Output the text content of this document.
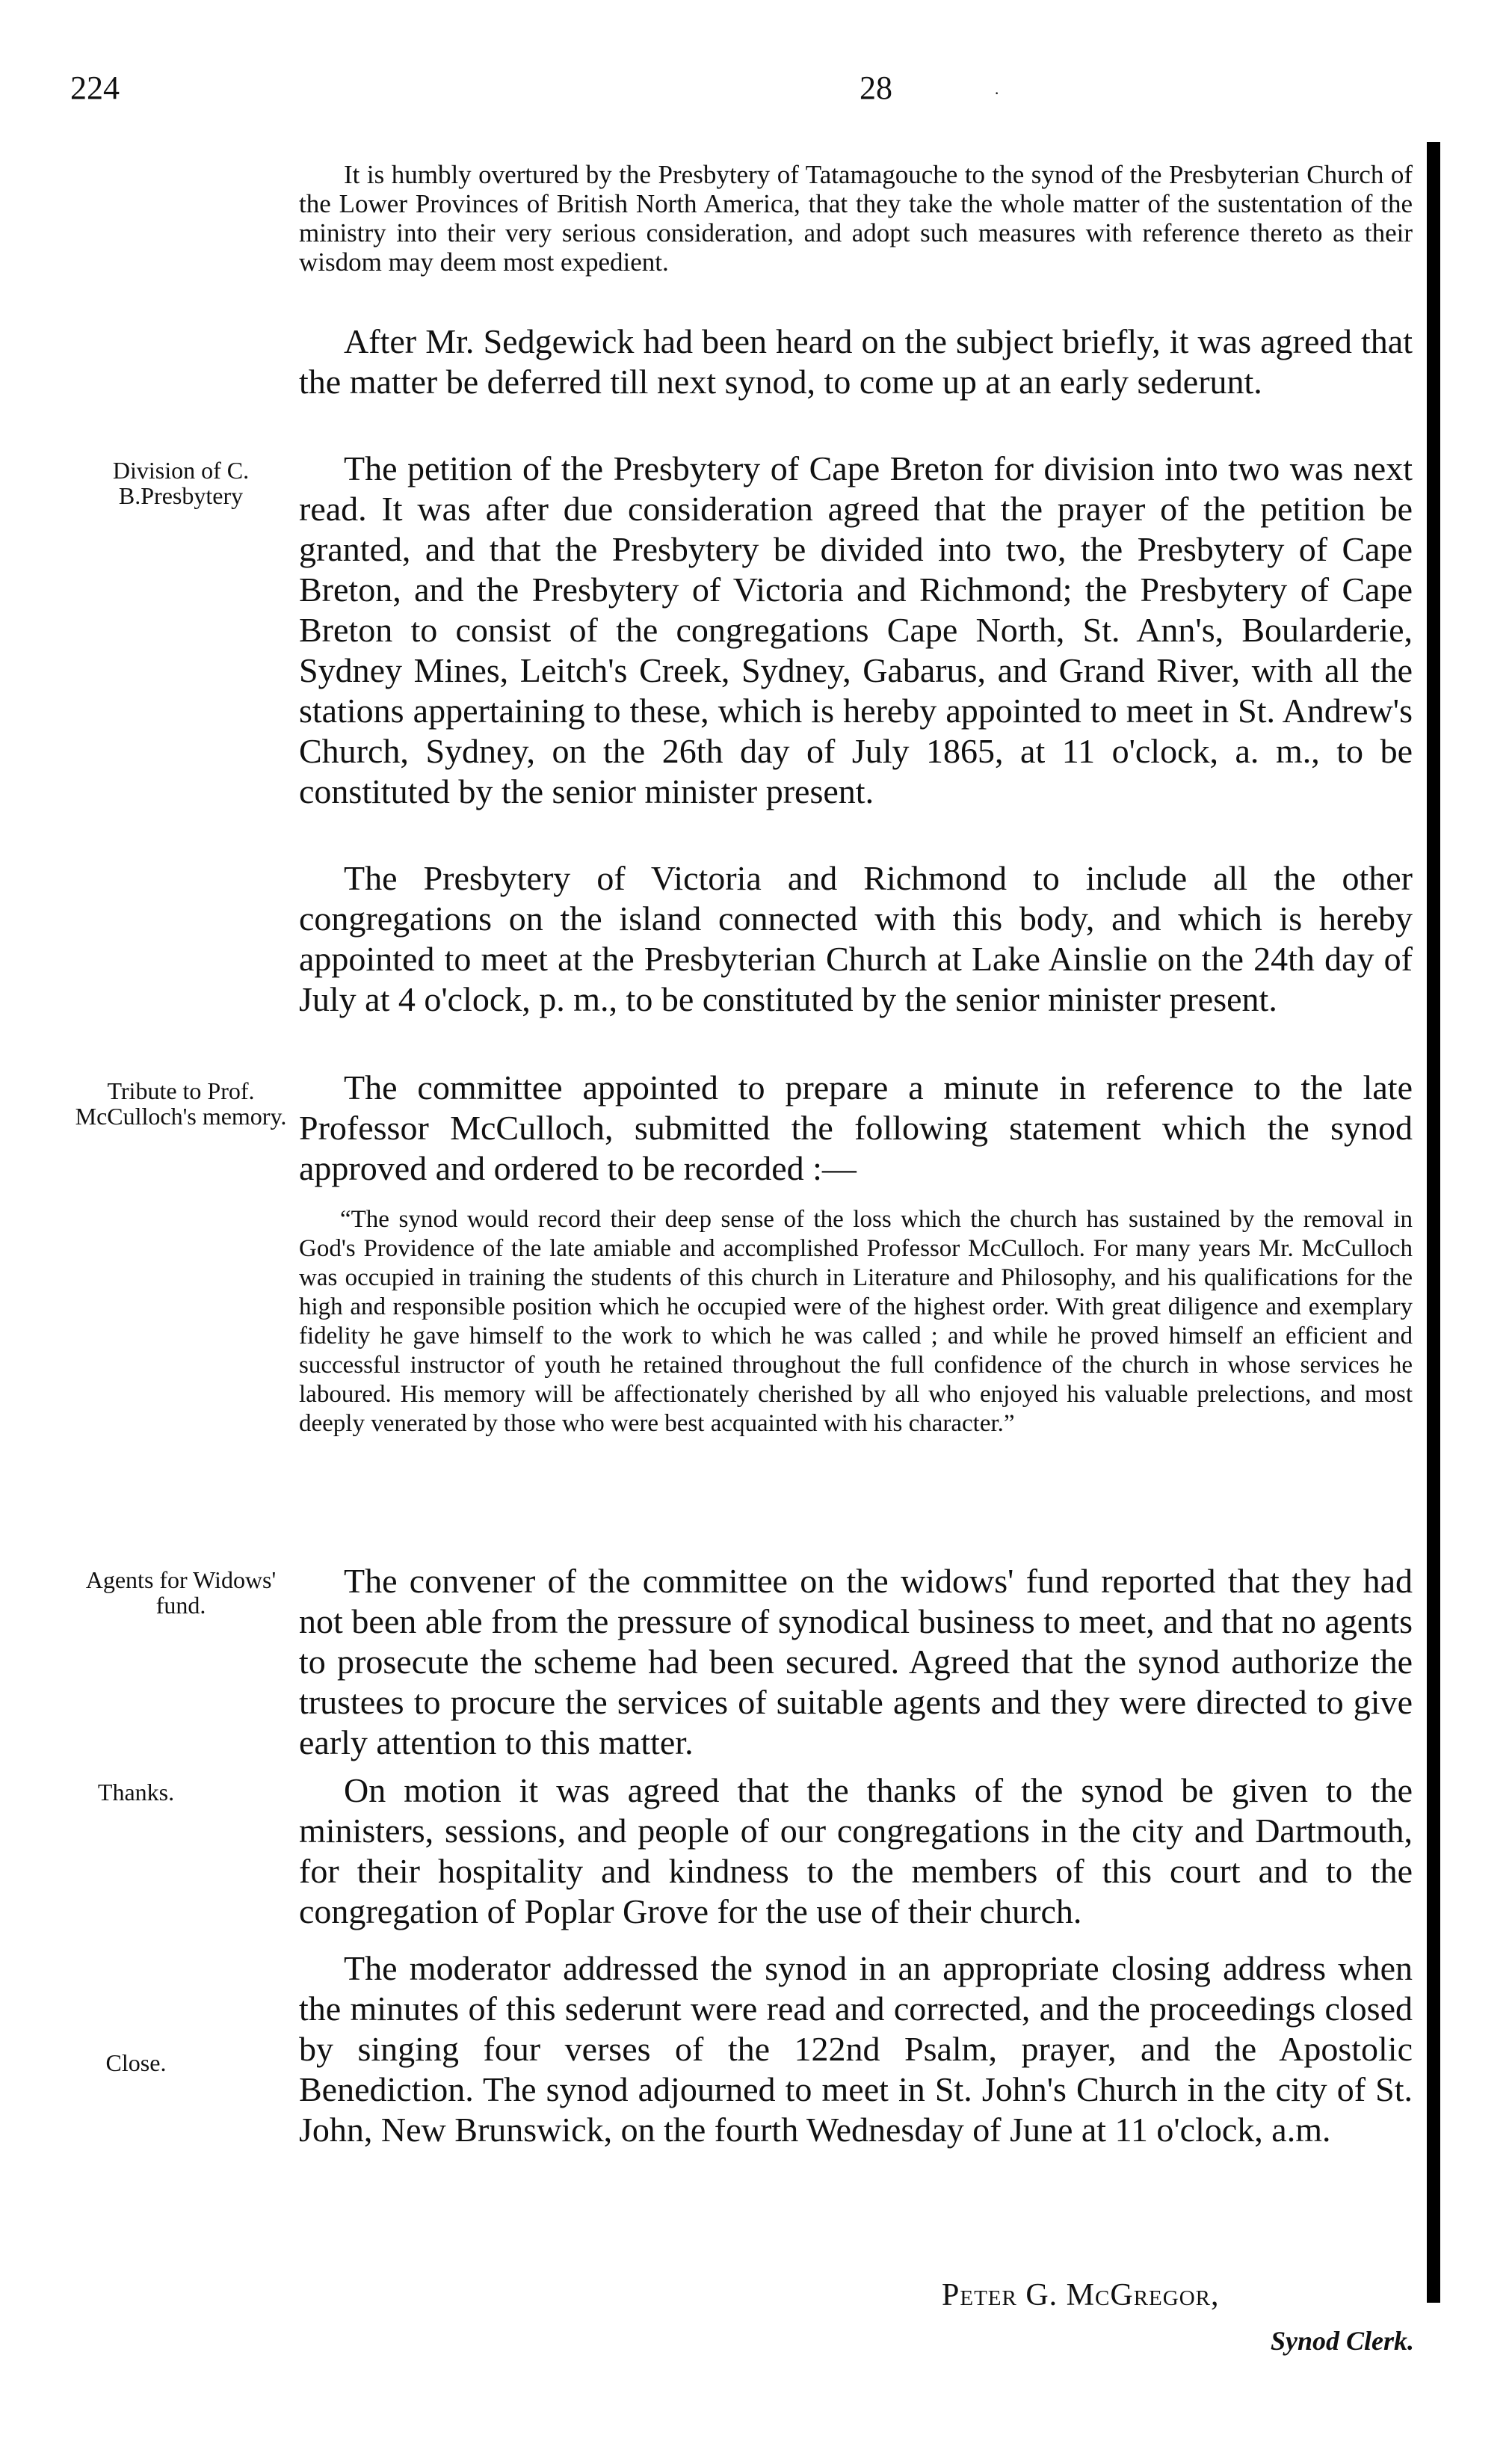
224	28	·
Division of C. B.Presbytery
Tribute to Prof. McCulloch's memory.
Agents for Widows' fund.
Thanks.
Close.

It is humbly overtured by the Presbytery of Tatamagouche to the synod of the Presbyterian Church of the Lower Provinces of British North America, that they take the whole matter of the sustentation of the ministry into their very serious consideration, and adopt such measures with reference thereto as their wisdom may deem most expedient.

After Mr. Sedgewick had been heard on the subject briefly, it was agreed that the matter be deferred till next synod, to come up at an early sederunt.

The petition of the Presbytery of Cape Breton for division into two was next read. It was after due consideration agreed that the prayer of the petition be granted, and that the Presbytery be divided into two, the Presbytery of Cape Breton, and the Presbytery of Victoria and Richmond; the Presbytery of Cape Breton to consist of the congregations Cape North, St. Ann's, Boularderie, Sydney Mines, Leitch's Creek, Sydney, Gabarus, and Grand River, with all the stations appertaining to these, which is hereby appointed to meet in St. Andrew's Church, Sydney, on the 26th day of July 1865, at 11 o'clock, a. m., to be constituted by the senior minister present.

The Presbytery of Victoria and Richmond to include all the other congregations on the island connected with this body, and which is hereby appointed to meet at the Presbyterian Church at Lake Ainslie on the 24th day of July at 4 o'clock, p. m., to be constituted by the senior minister present.

The committee appointed to prepare a minute in reference to the late Professor McCulloch, submitted the following statement which the synod approved and ordered to be recorded :—

“The synod would record their deep sense of the loss which the church has sustained by the removal in God's Providence of the late amiable and accomplished Professor McCulloch. For many years Mr. McCulloch was occupied in training the students of this church in Literature and Philosophy, and his qualifications for the high and responsible position which he occupied were of the highest order. With great diligence and exemplary fidelity he gave himself to the work to which he was called ; and while he proved himself an efficient and successful instructor of youth he retained throughout the full confidence of the church in whose services he laboured. His memory will be affectionately cherished by all who enjoyed his valuable prelections, and most deeply venerated by those who were best acquainted with his character.”

The convener of the committee on the widows' fund reported that they had not been able from the pressure of synodical business to meet, and that no agents to prosecute the scheme had been secured. Agreed that the synod authorize the trustees to procure the services of suitable agents and they were directed to give early attention to this matter.

On motion it was agreed that the thanks of the synod be given to the ministers, sessions, and people of our congregations in the city and Dartmouth, for their hospitality and kindness to the members of this court and to the congregation of Poplar Grove for the use of their church.

The moderator addressed the synod in an appropriate closing address when the minutes of this sederunt were read and corrected, and the proceedings closed by singing four verses of the 122nd Psalm, prayer, and the Apostolic Benediction. The synod adjourned to meet in St. John's Church in the city of St. John, New Brunswick, on the fourth Wednesday of June at 11 o'clock, a.m.

Peter G. McGregor,
Synod Clerk.
